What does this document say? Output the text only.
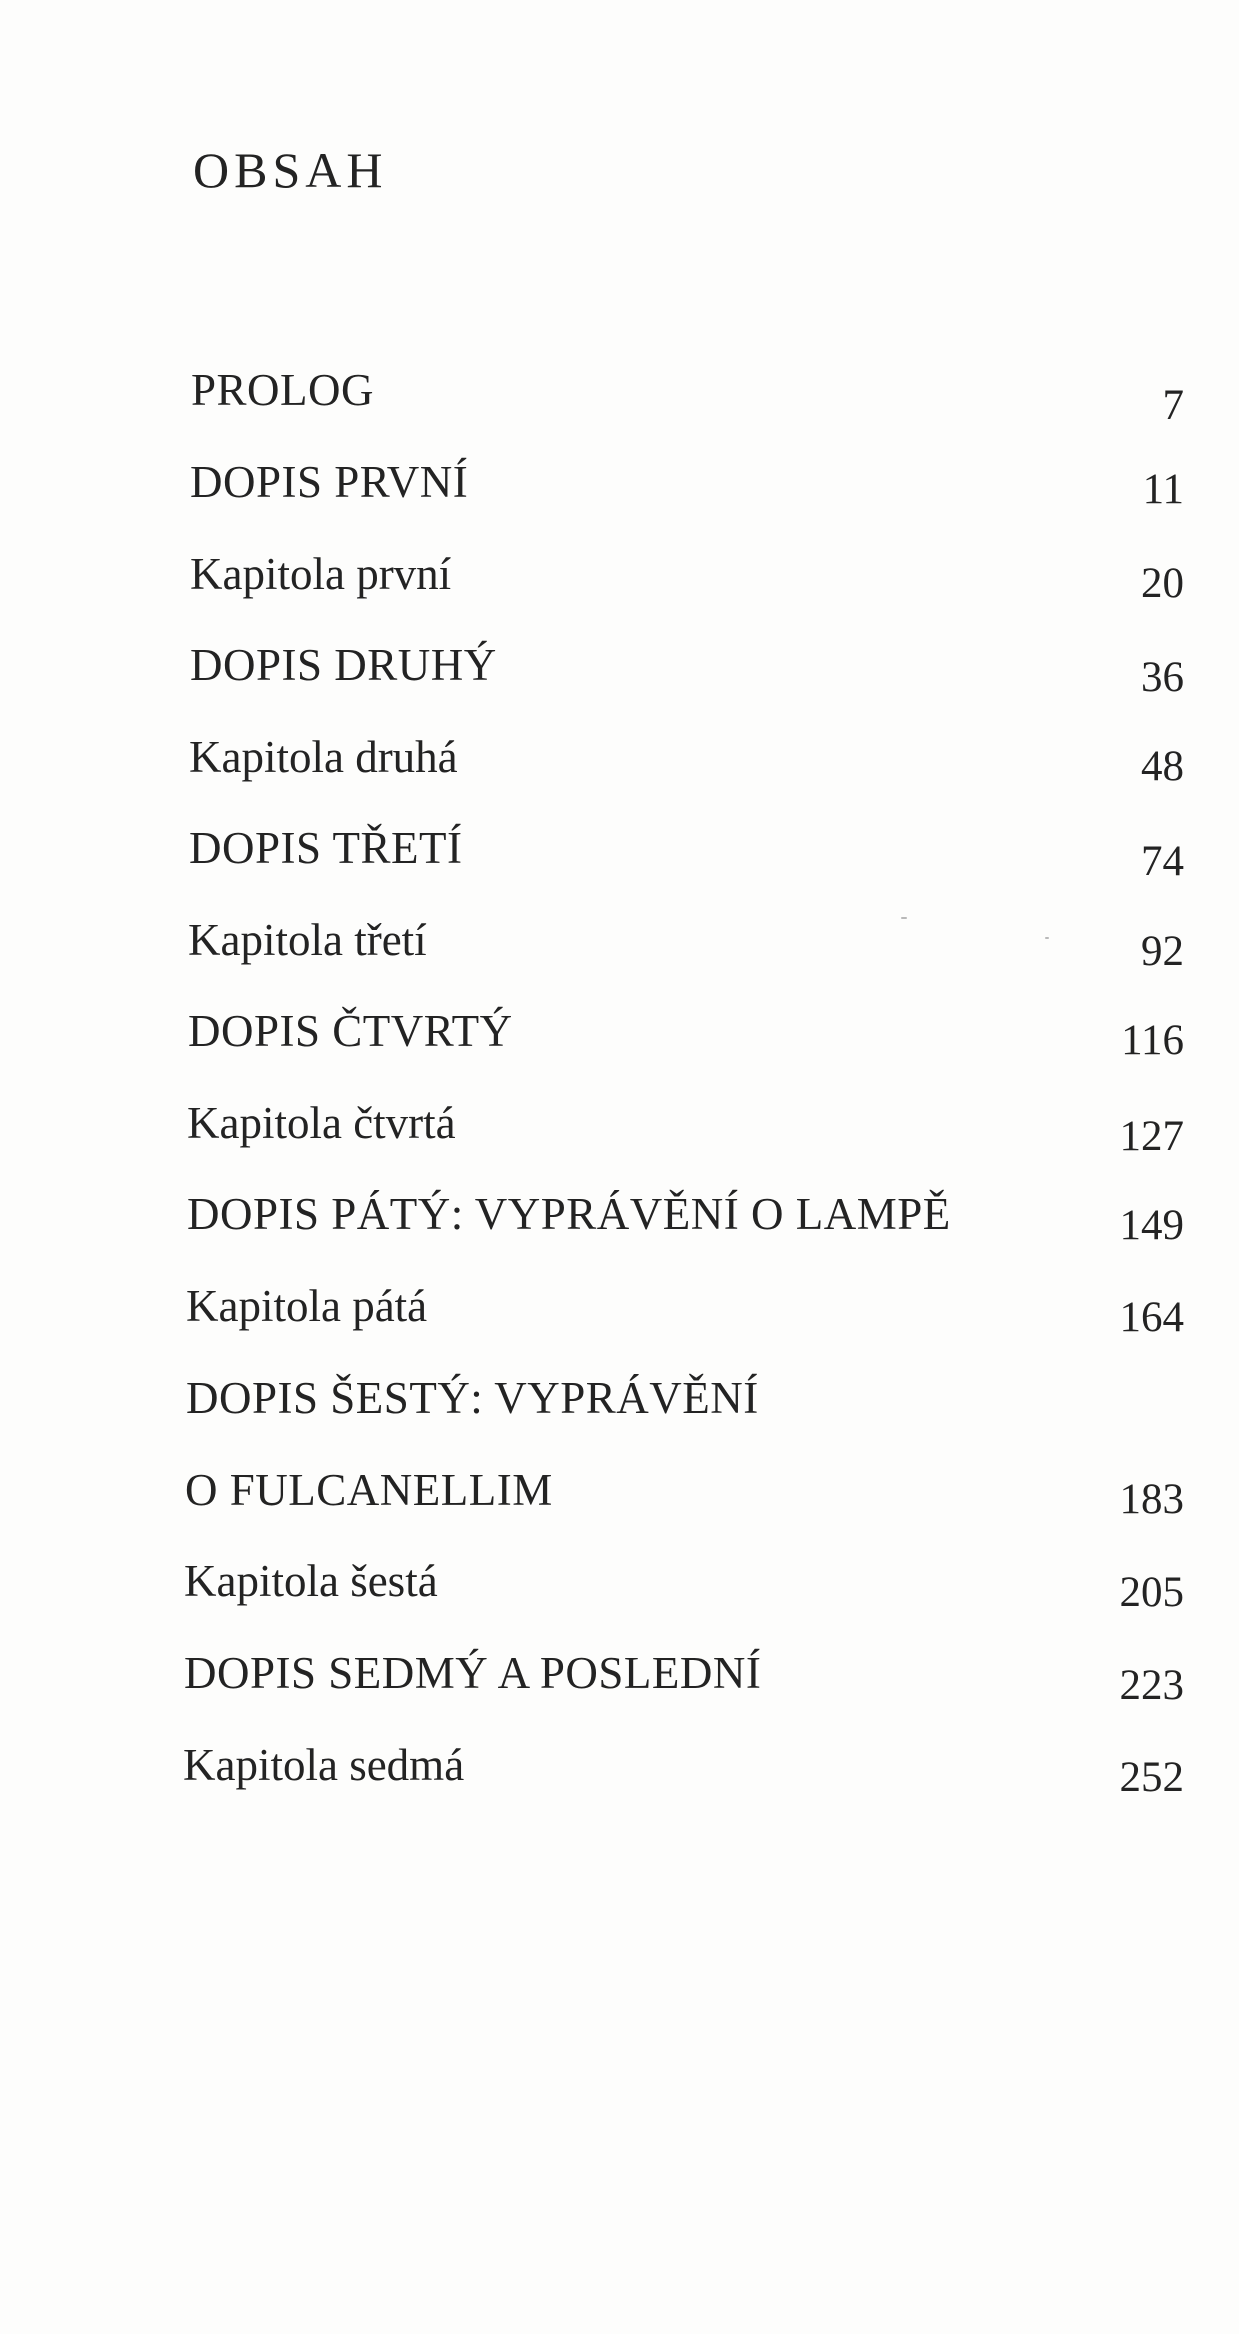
OBSAH
PROLOG	7
DOPIS PRVNÍ	11
Kapitola první	20
DOPIS DRUHÝ	36
Kapitola druhá	48
DOPIS TŘETÍ	74
Kapitola třetí	92
DOPIS ČTVRTÝ	116
Kapitola čtvrtá	127
DOPIS PÁTÝ: VYPRÁVĚNÍ O LAMPĚ	149
Kapitola pátá	164
DOPIS ŠESTÝ: VYPRÁVĚNÍ
O FULCANELLIM	183
Kapitola šestá	205
DOPIS SEDMÝ A POSLEDNÍ	223
Kapitola sedmá	252
